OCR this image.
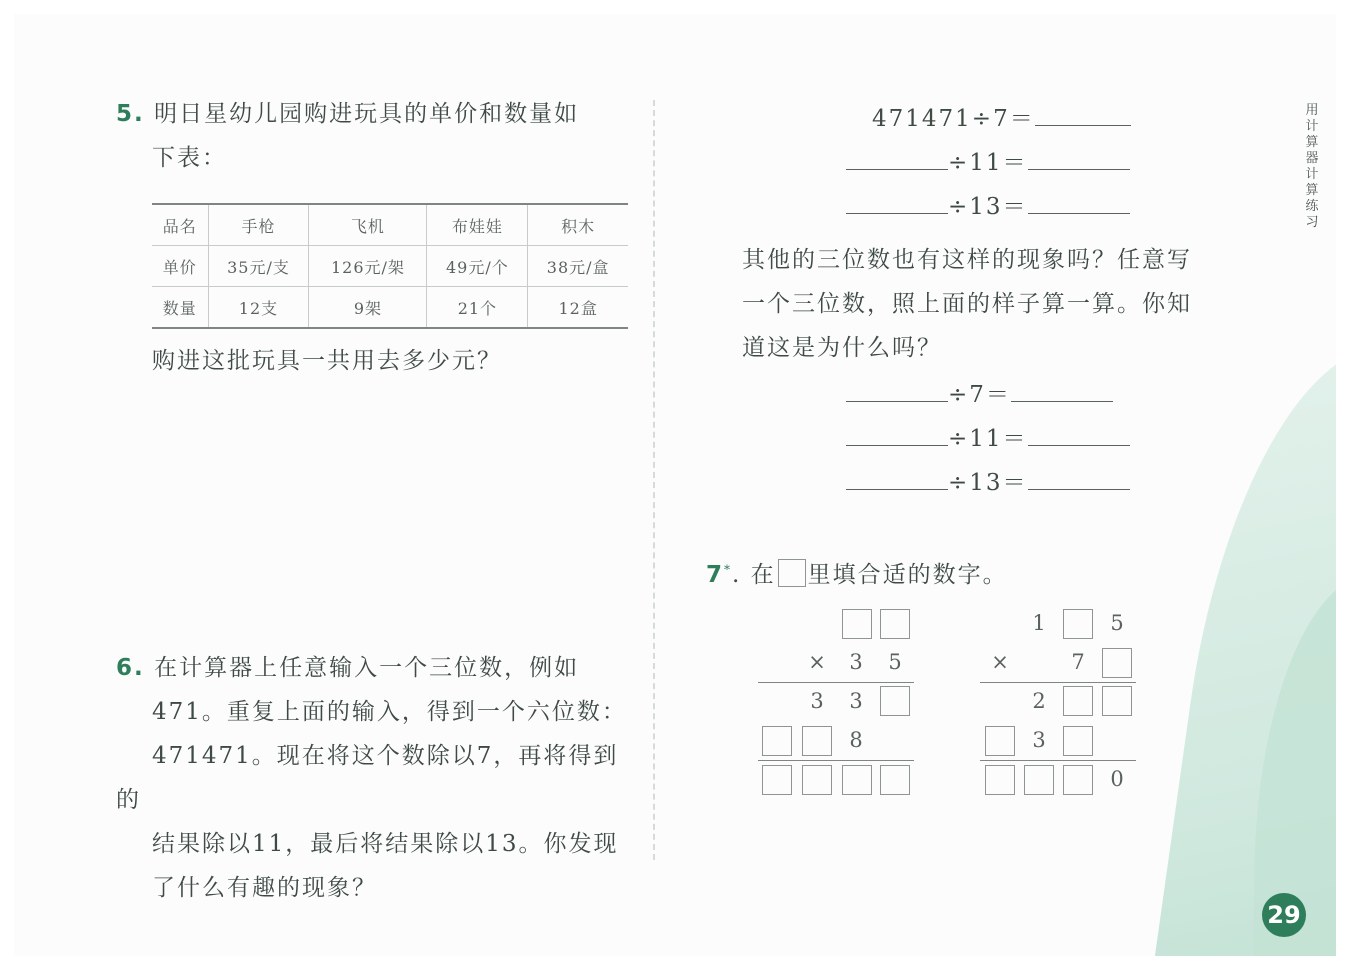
5. 明日星幼儿园购进玩具的单价和数量如
下表：
品名	手枪	飞机	布娃娃	积木
单价	35元/支	126元/架	49元/个	38元/盒
数量	12支	9架	21个	12盒
购进这批玩具一共用去多少元？
6. 在计算器上任意输入一个三位数，例如
471。重复上面的输入，得到一个六位数：
471471。现在将这个数除以7，再将得到的
结果除以11，最后将结果除以13。你发现
了什么有趣的现象？
471471÷7＝
÷11＝
÷13＝
其他的三位数也有这样的现象吗？任意写
一个三位数，照上面的样子算一算。你知
道这是为什么吗？
÷7＝
÷11＝
÷13＝
7*. 在 里填合适的数字。
×	3	5
3	3
8
1	5
×	7
2
3
0
用
计
算
器
计
算
练
习
29
